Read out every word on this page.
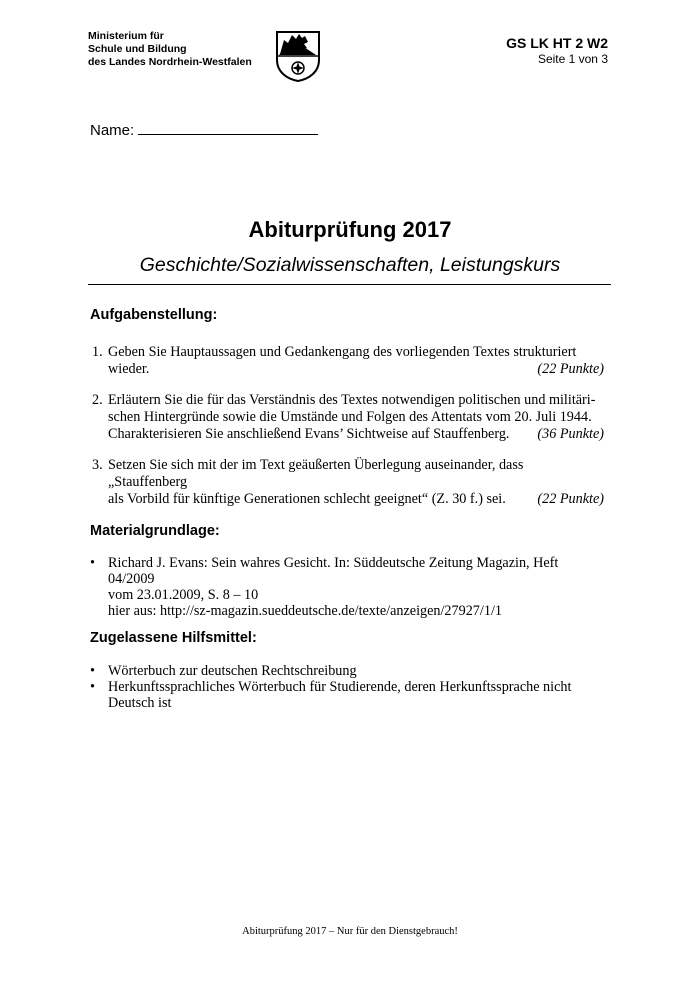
Ministerium für
Schule und Bildung
des Landes Nordrhein-Westfalen
GS LK HT 2 W2
Seite 1 von 3
Name:
Abiturprüfung 2017
Geschichte/Sozialwissenschaften, Leistungskurs
Aufgabenstellung:
1. Geben Sie Hauptaussagen und Gedankengang des vorliegenden Textes strukturiert
wieder.	(22 Punkte)
2. Erläutern Sie die für das Verständnis des Textes notwendigen politischen und militäri-
schen Hintergründe sowie die Umstände und Folgen des Attentats vom 20. Juli 1944.
Charakterisieren Sie anschließend Evans’ Sichtweise auf Stauffenberg. (36 Punkte)
3. Setzen Sie sich mit der im Text geäußerten Überlegung auseinander, dass „Stauffenberg
als Vorbild für künftige Generationen schlecht geeignet“ (Z. 30 f.) sei. (22 Punkte)
Materialgrundlage:
• Richard J. Evans: Sein wahres Gesicht. In: Süddeutsche Zeitung Magazin, Heft 04/2009
vom 23.01.2009, S. 8 – 10
hier aus: http://sz-magazin.sueddeutsche.de/texte/anzeigen/27927/1/1
Zugelassene Hilfsmittel:
• Wörterbuch zur deutschen Rechtschreibung
• Herkunftssprachliches Wörterbuch für Studierende, deren Herkunftssprache nicht
Deutsch ist
Abiturprüfung 2017 – Nur für den Dienstgebrauch!
